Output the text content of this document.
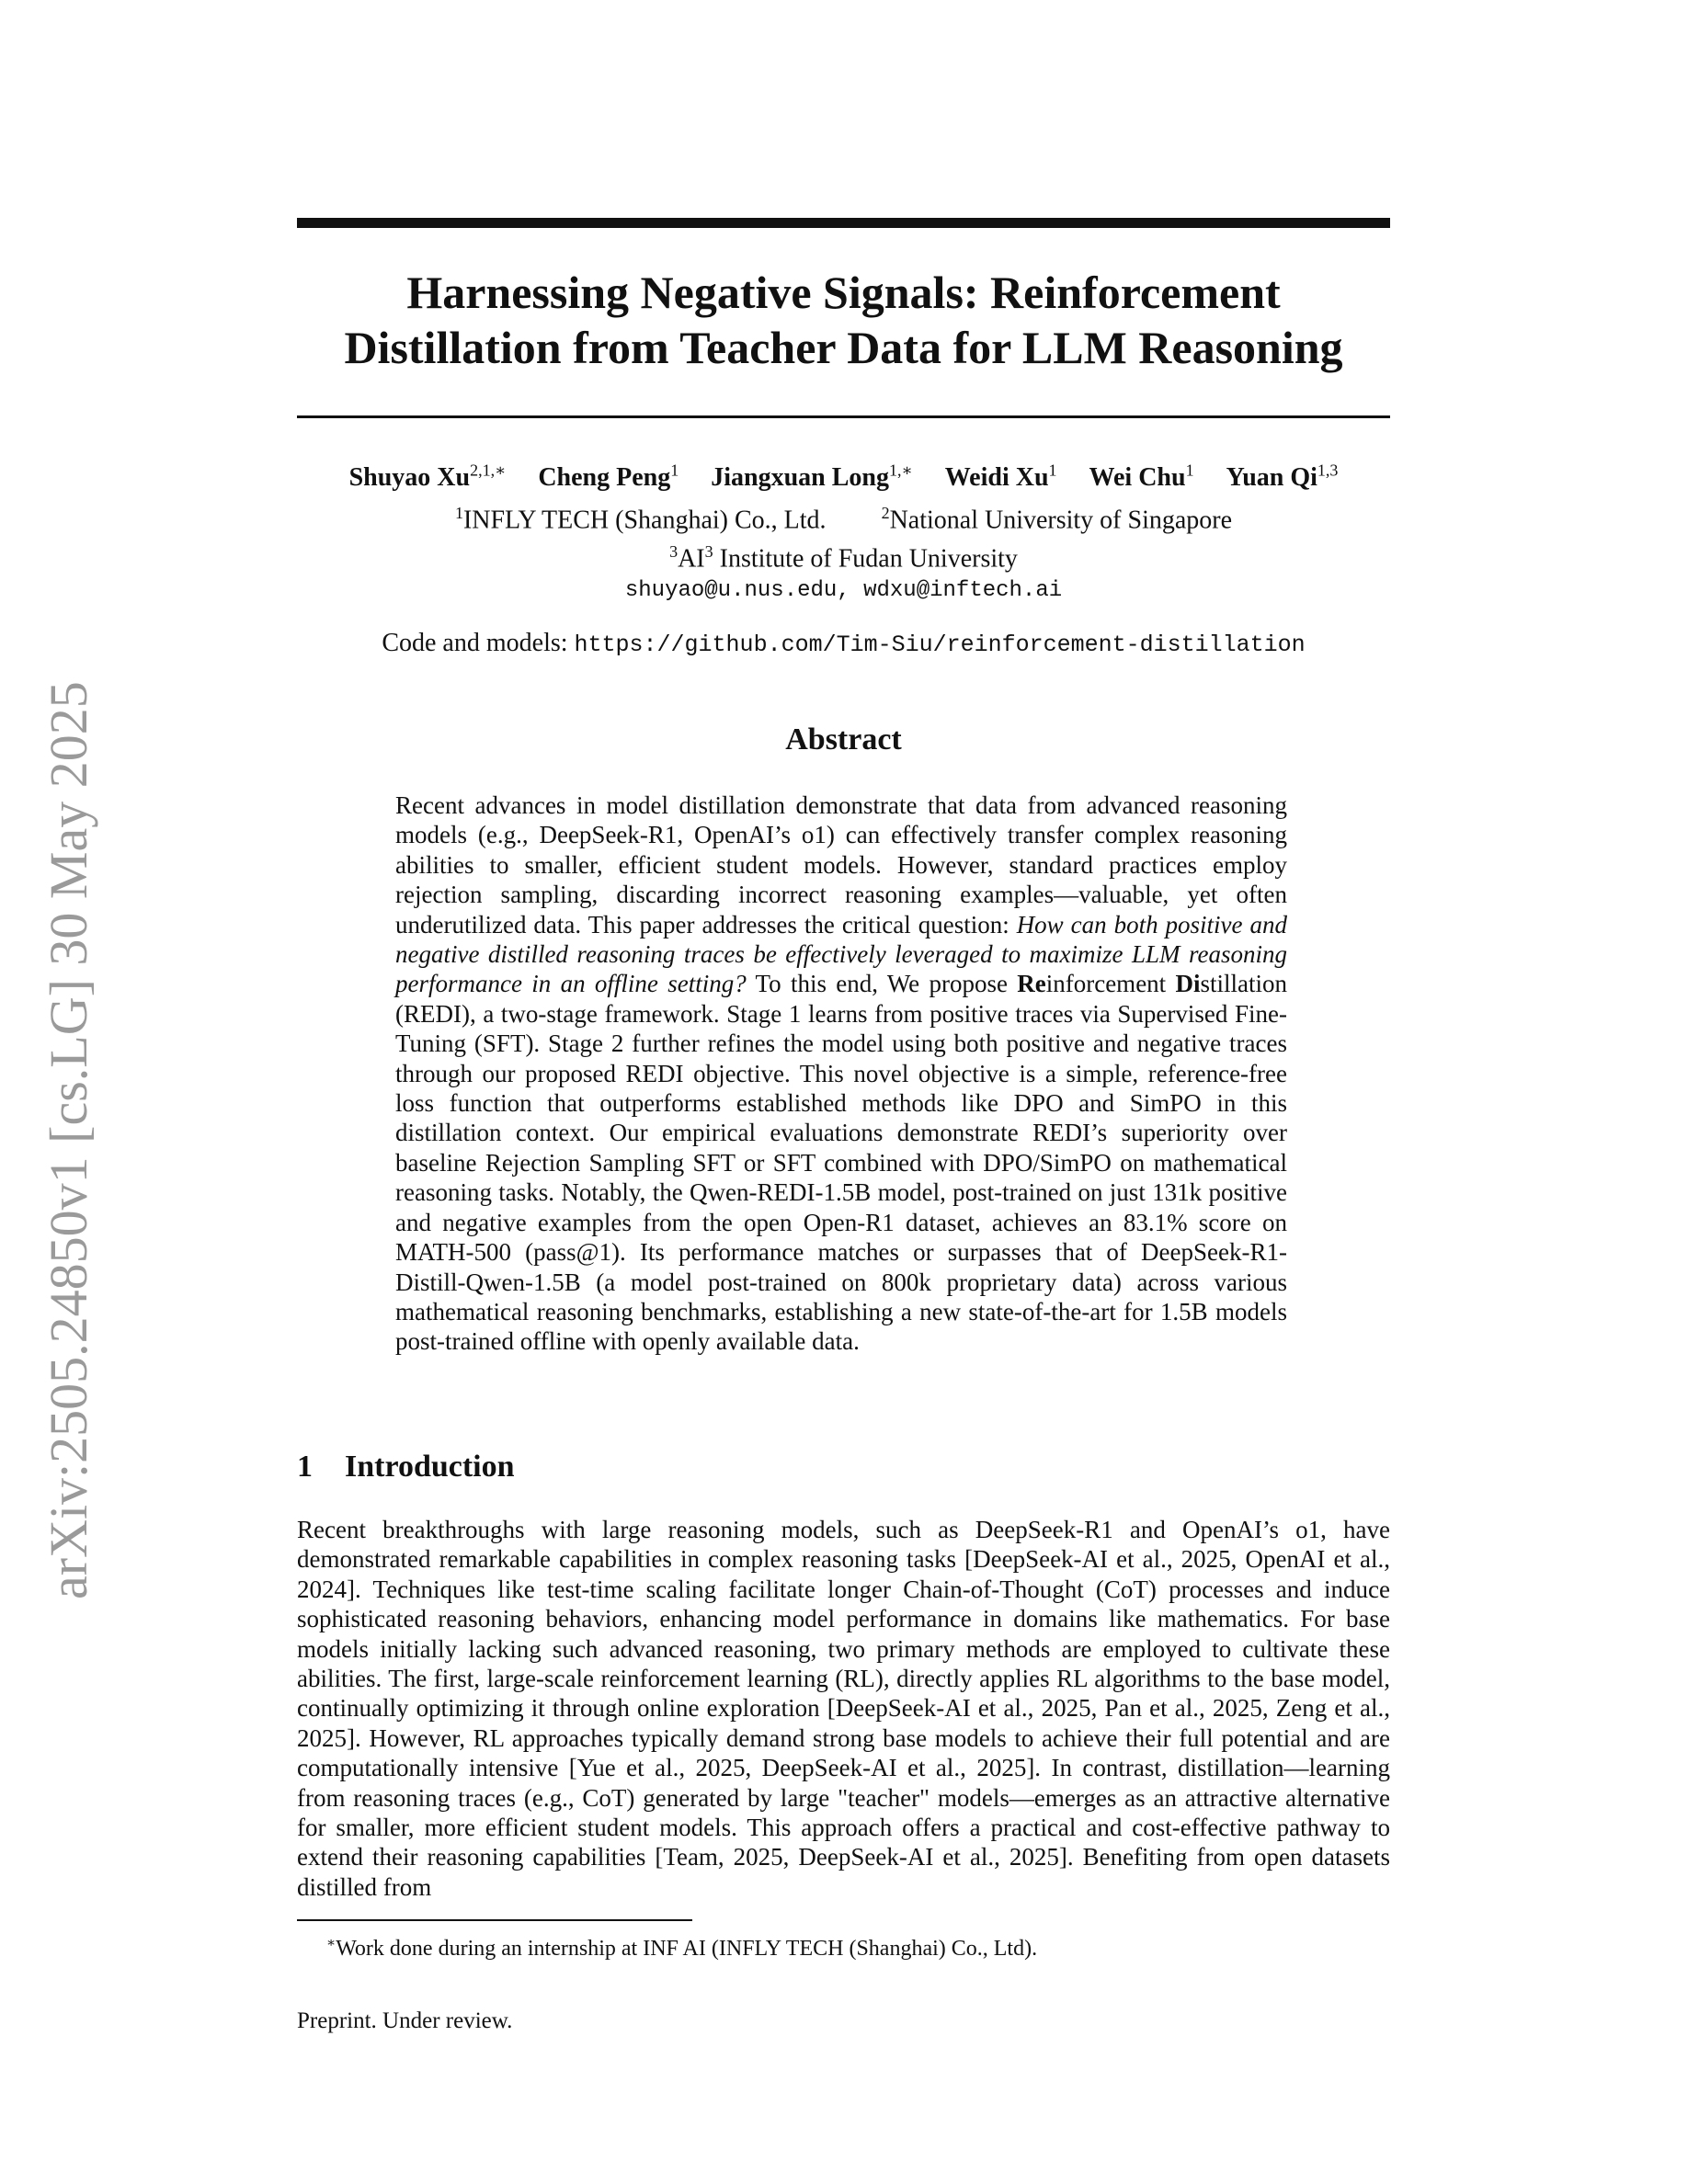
arXiv:2505.24850v1 [cs.LG] 30 May 2025
Harnessing Negative Signals: Reinforcement
Distillation from Teacher Data for LLM Reasoning
Shuyao $Xu^{2,1,∗}$ Cheng Peng$^1$ Jiangxuan Long$^{1,∗}$ Weidi Xu$^1$ Wei Chu$^1$ Yuan Qi$^{1,3}$
$^1$INFLY TECH (Shanghai) Co., Ltd.	$^2$National University of Singapore
$^3AI^3$ Institute of Fudan University
shuyao@u.nus.edu, wdxu@inftech.ai
Code and models: https://github.com/Tim-Siu/reinforcement-distillation
Abstract
Recent advances in model distillation demonstrate that data from advanced reasoning models (e.g., DeepSeek-R1, OpenAI’s o1) can effectively transfer complex reasoning abilities to smaller, efficient student models. However, standard practices employ rejection sampling, discarding incorrect reasoning examples—valuable, yet often underutilized data. This paper addresses the critical question: How can both positive and negative distilled reasoning traces be effectively leveraged to maximize LLM reasoning performance in an offline setting? To this end, We propose Reinforcement Distillation (REDI), a two-stage framework. Stage 1 learns from positive traces via Supervised Fine-Tuning (SFT). Stage 2 further refines the model using both positive and negative traces through our proposed REDI objective. This novel objective is a simple, reference-free loss function that outperforms established methods like DPO and SimPO in this distillation context. Our empirical evaluations demonstrate REDI’s superiority over baseline Rejection Sampling SFT or SFT combined with DPO/SimPO on mathematical reasoning tasks. Notably, the Qwen-REDI-1.5B model, post-trained on just 131k positive and negative examples from the open Open-R1 dataset, achieves an 83.1% score on MATH-500 (pass@1). Its performance matches or surpasses that of DeepSeek-R1-Distill-Qwen-1.5B (a model post-trained on 800k proprietary data) across various mathematical reasoning benchmarks, establishing a new state-of-the-art for 1.5B models post-trained offline with openly available data.
1 Introduction
Recent breakthroughs with large reasoning models, such as DeepSeek-R1 and OpenAI’s o1, have demonstrated remarkable capabilities in complex reasoning tasks [DeepSeek-AI et al., 2025, OpenAI et al., 2024]. Techniques like test-time scaling facilitate longer Chain-of-Thought (CoT) processes and induce sophisticated reasoning behaviors, enhancing model performance in domains like mathematics. For base models initially lacking such advanced reasoning, two primary methods are employed to cultivate these abilities. The first, large-scale reinforcement learning (RL), directly applies RL algorithms to the base model, continually optimizing it through online exploration [DeepSeek-AI et al., 2025, Pan et al., 2025, Zeng et al., 2025]. However, RL approaches typically demand strong base models to achieve their full potential and are computationally intensive [Yue et al., 2025, DeepSeek-AI et al., 2025]. In contrast, distillation—learning from reasoning traces (e.g., CoT) generated by large "teacher" models—emerges as an attractive alternative for smaller, more efficient student models. This approach offers a practical and cost-effective pathway to extend their reasoning capabilities [Team, 2025, DeepSeek-AI et al., 2025]. Benefiting from open datasets distilled from
∗Work done during an internship at INF AI (INFLY TECH (Shanghai) Co., Ltd).
Preprint. Under review.
